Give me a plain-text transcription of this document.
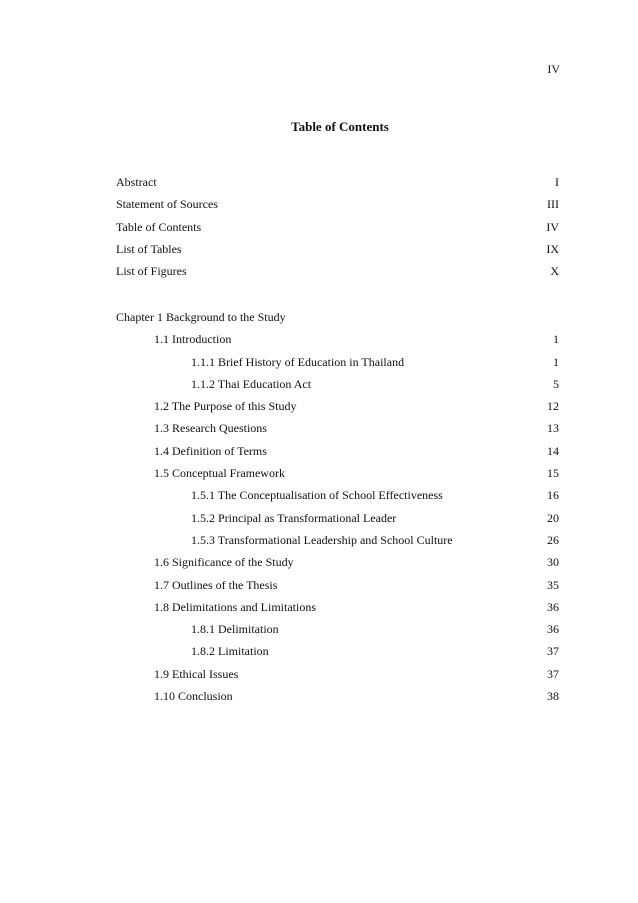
IV
Table of Contents
Abstract	I
Statement of Sources	III
Table of Contents	IV
List of Tables	IX
List of Figures	X
Chapter 1 Background to the Study
1.1 Introduction	1
1.1.1 Brief History of Education in Thailand	1
1.1.2 Thai Education Act	5
1.2 The Purpose of this Study	12
1.3 Research Questions	13
1.4 Definition of Terms	14
1.5 Conceptual Framework	15
1.5.1 The Conceptualisation of School Effectiveness	16
1.5.2 Principal as Transformational Leader	20
1.5.3 Transformational Leadership and School Culture	26
1.6 Significance of the Study	30
1.7 Outlines of the Thesis	35
1.8 Delimitations and Limitations	36
1.8.1 Delimitation	36
1.8.2 Limitation	37
1.9 Ethical Issues	37
1.10 Conclusion	38
